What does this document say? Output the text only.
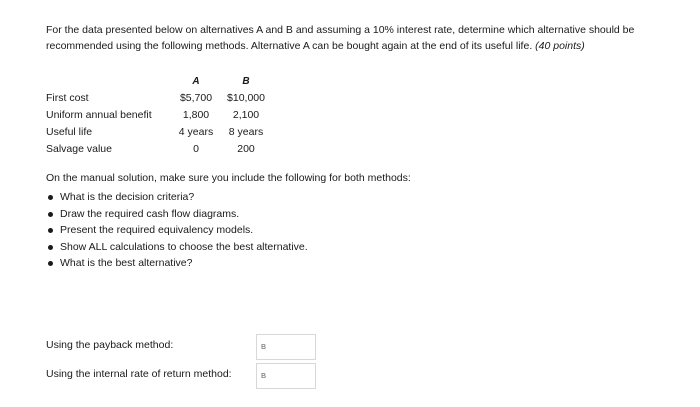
For the data presented below on alternatives A and B and assuming a 10% interest rate, determine which alternative should be recommended using the following methods. Alternative A can be bought again at the end of its useful life. (40 points)
	A	B
First cost	$5,700	$10,000
Uniform annual benefit	1,800	2,100
Useful life	4 years	8 years
Salvage value	0	200
On the manual solution, make sure you include the following for both methods:
What is the decision criteria?
Draw the required cash flow diagrams.
Present the required equivalency models.
Show ALL calculations to choose the best alternative.
What is the best alternative?
Using the payback method:	B
Using the internal rate of return method:	B
